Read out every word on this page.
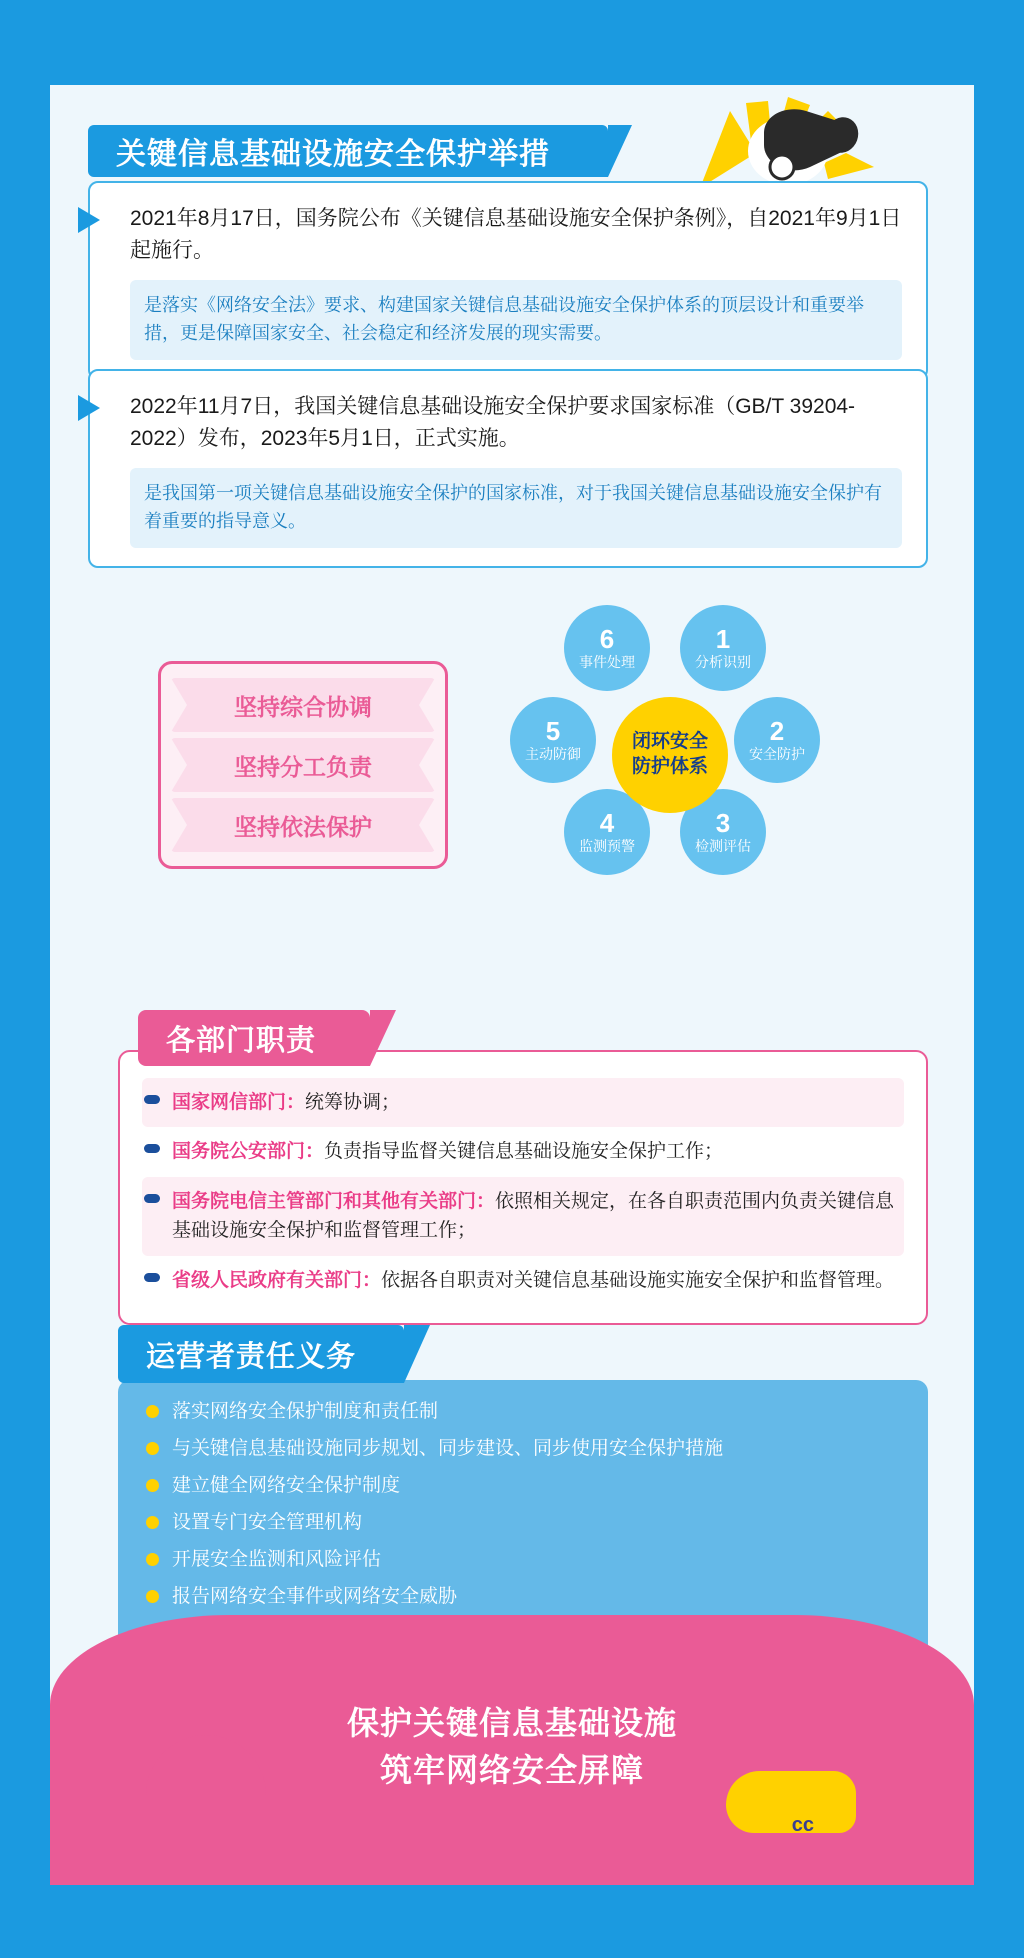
关键信息基础设施安全保护举措
2021年8月17日，国务院公布《关键信息基础设施安全保护条例》，自2021年9月1日起施行。
是落实《网络安全法》要求、构建国家关键信息基础设施安全保护体系的顶层设计和重要举措，更是保障国家安全、社会稳定和经济发展的现实需要。
2022年11月7日，我国关键信息基础设施安全保护要求国家标准（GB/T 39204-2022）发布，2023年5月1日，正式实施。
是我国第一项关键信息基础设施安全保护的国家标准，对于我国关键信息基础设施安全保护有着重要的指导意义。
坚持综合协调
坚持分工负责
坚持依法保护
1
分析识别
2
安全防护
3
检测评估
4
监测预警
5
主动防御
6
事件处理
闭环安全
防护体系
国家网信部门：统筹协调；
国务院公安部门：负责指导监督关键信息基础设施安全保护工作；
国务院电信主管部门和其他有关部门：依照相关规定，在各自职责范围内负责关键信息基础设施安全保护和监督管理工作；
省级人民政府有关部门：依据各自职责对关键信息基础设施实施安全保护和监督管理。
各部门职责
落实网络安全保护制度和责任制
与关键信息基础设施同步规划、同步建设、同步使用安全保护措施
建立健全网络安全保护制度
设置专门安全管理机构
开展安全监测和风险评估
报告网络安全事件或网络安全威胁
运营者责任义务
cc
保护关键信息基础设施
筑牢网络安全屏障
